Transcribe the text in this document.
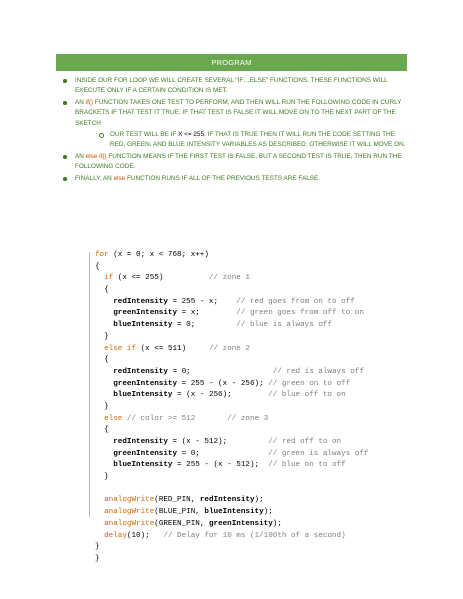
PROGRAM
INSIDE OUR FOR LOOP WE WILL CREATE SEVERAL “IF…ELSE” FUNCTIONS. THESE FUNCTIONS WILL EXECUTE ONLY IF A CERTAIN CONDITION IS MET.
AN if() FUNCTION TAKES ONE TEST TO PERFORM, AND THEN WILL RUN THE FOLLOWING CODE IN CURLY BRACKETS IF THAT TEST IT TRUE. IF THAT TEST IS FALSE IT WILL MOVE ON TO THE NEXT PART OF THE SKETCH
OUR TEST WILL BE IF X <= 255. IF THAT IS TRUE THEN IT WILL RUN THE CODE SETTING THE RED, GREEN, AND BLUE INTENSITY VARIABLES AS DESCRIBED. OTHERWISE IT WILL MOVE ON.
AN else if() FUNCTION MEANS IF THE FIRST TEST IS FALSE, BUT A SECOND TEST IS TRUE, THEN RUN THE FOLLOWING CODE.
FINALLY, AN else FUNCTION RUNS IF ALL OF THE PREVIOUS TESTS ARE FALSE.
for (x = 0; x < 768; x++)
{
if (x <= 255)          // zone 1
{
redIntensity = 255 - x;    // red goes from on to off
greenIntensity = x;        // green goes from off to on
blueIntensity = 0;         // blue is always off
}
else if (x <= 511)     // zone 2
{
redIntensity = 0;                  // red is always off
greenIntensity = 255 - (x - 256); // green on to off
blueIntensity = (x - 256);        // blue off to on
}
else // color >= 512       // zone 3
{
redIntensity = (x - 512);         // red off to on
greenIntensity = 0;               // green is always off
blueIntensity = 255 - (x - 512);  // blue on to off
}

analogWrite(RED_PIN, redIntensity);
analogWrite(BLUE_PIN, blueIntensity);
analogWrite(GREEN_PIN, greenIntensity);
delay(10);   // Delay for 10 ms (1/100th of a second)
}
}
